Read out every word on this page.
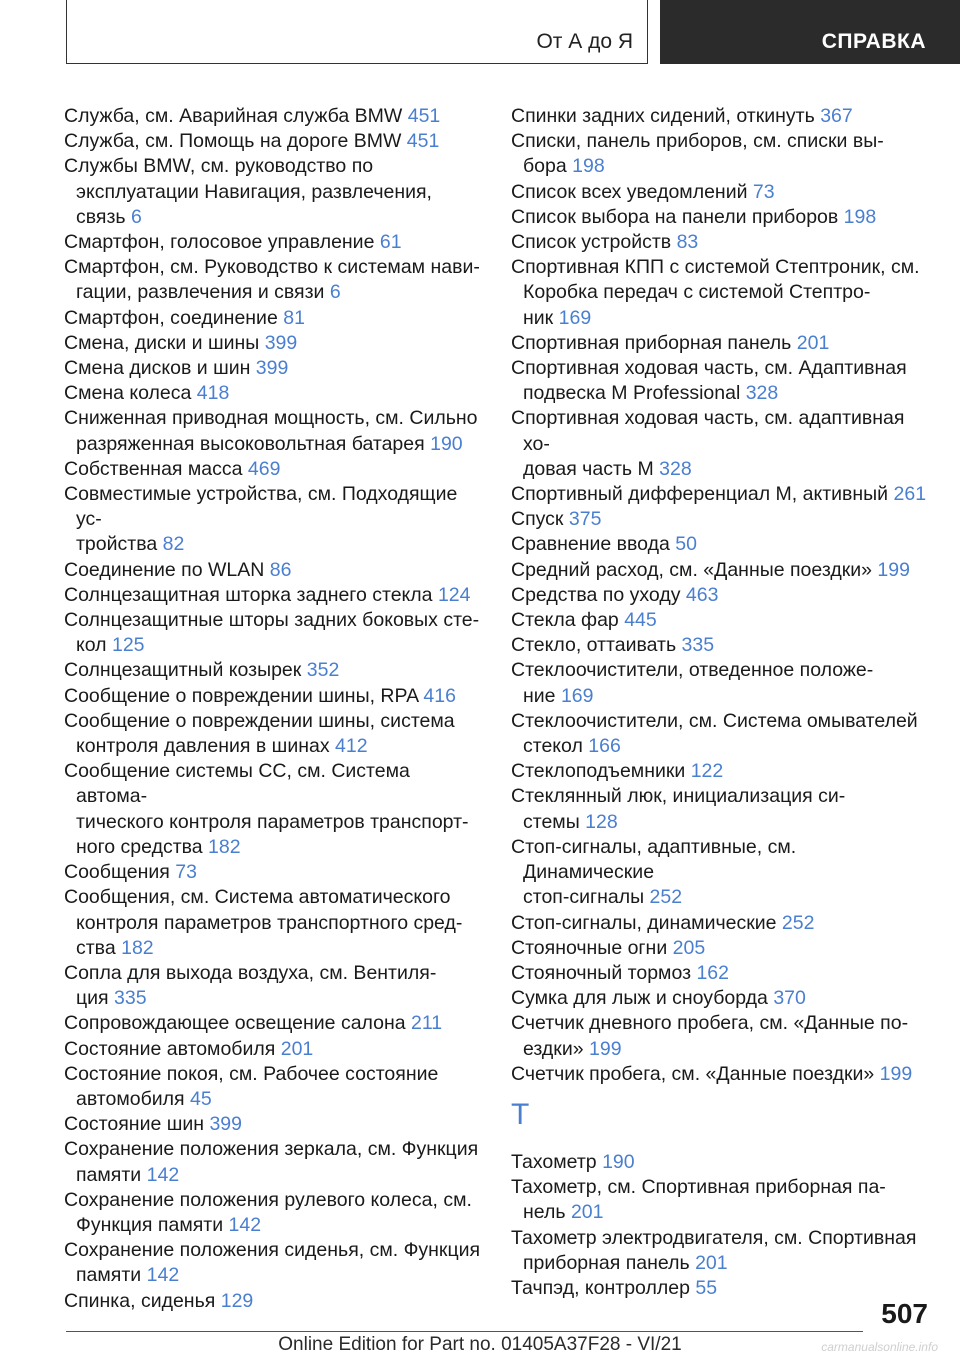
От А до Я	СПРАВКА
Служба, см. Аварийная служба BMW 451
Служба, см. Помощь на дороге BMW 451
Службы BMW, см. руководство по
эксплуатации Навигация, развлечения,
связь 6
Смартфон, голосовое управление 61
Смартфон, см. Руководство к системам нави-
гации, развлечения и связи 6
Смартфон, соединение 81
Смена, диски и шины 399
Смена дисков и шин 399
Смена колеса 418
Сниженная приводная мощность, см. Сильно
разряженная высоковольтная батарея 190
Собственная масса 469
Совместимые устройства, см. Подходящие ус-
тройства 82
Соединение по WLAN 86
Солнцезащитная шторка заднего стекла 124
Солнцезащитные шторы задних боковых сте-
кол 125
Солнцезащитный козырек 352
Сообщение о повреждении шины, RPA 416
Сообщение о повреждении шины, система
контроля давления в шинах 412
Сообщение системы CC, см. Система автома-
тического контроля параметров транспорт-
ного средства 182
Сообщения 73
Сообщения, см. Система автоматического
контроля параметров транспортного сред-
ства 182
Сопла для выхода воздуха, см. Вентиля-
ция 335
Сопровождающее освещение салона 211
Состояние автомобиля 201
Состояние покоя, см. Рабочее состояние
автомобиля 45
Состояние шин 399
Сохранение положения зеркала, см. Функция
памяти 142
Сохранение положения рулевого колеса, см.
Функция памяти 142
Сохранение положения сиденья, см. Функция
памяти 142
Спинка, сиденья 129
Спинки задних сидений, откинуть 367
Списки, панель приборов, см. списки вы-
бора 198
Список всех уведомлений 73
Список выбора на панели приборов 198
Список устройств 83
Спортивная КПП с системой Стептроник, см.
Коробка передач с системой Стептро-
ник 169
Спортивная приборная панель 201
Спортивная ходовая часть, см. Адаптивная
подвеска M Professional 328
Спортивная ходовая часть, см. адаптивная хо-
довая часть M 328
Спортивный дифференциал M, активный 261
Спуск 375
Сравнение ввода 50
Средний расход, см. «Данные поездки» 199
Средства по уходу 463
Стекла фар 445
Стекло, оттаивать 335
Стеклоочистители, отведенное положе-
ние 169
Стеклоочистители, см. Система омывателей
стекол 166
Стеклоподъемники 122
Стеклянный люк, инициализация си-
стемы 128
Стоп-сигналы, адаптивные, см. Динамические
стоп-сигналы 252
Стоп-сигналы, динамические 252
Стояночные огни 205
Стояночный тормоз 162
Сумка для лыж и сноуборда 370
Счетчик дневного пробега, см. «Данные по-
ездки» 199
Счетчик пробега, см. «Данные поездки» 199
Т
Тахометр 190
Тахометр, см. Спортивная приборная па-
нель 201
Тахометр электродвигателя, см. Спортивная
приборная панель 201
Тачпэд, контроллер 55
507
Online Edition for Part no. 01405A37F28 - VI/21	carmanualsonline.info
